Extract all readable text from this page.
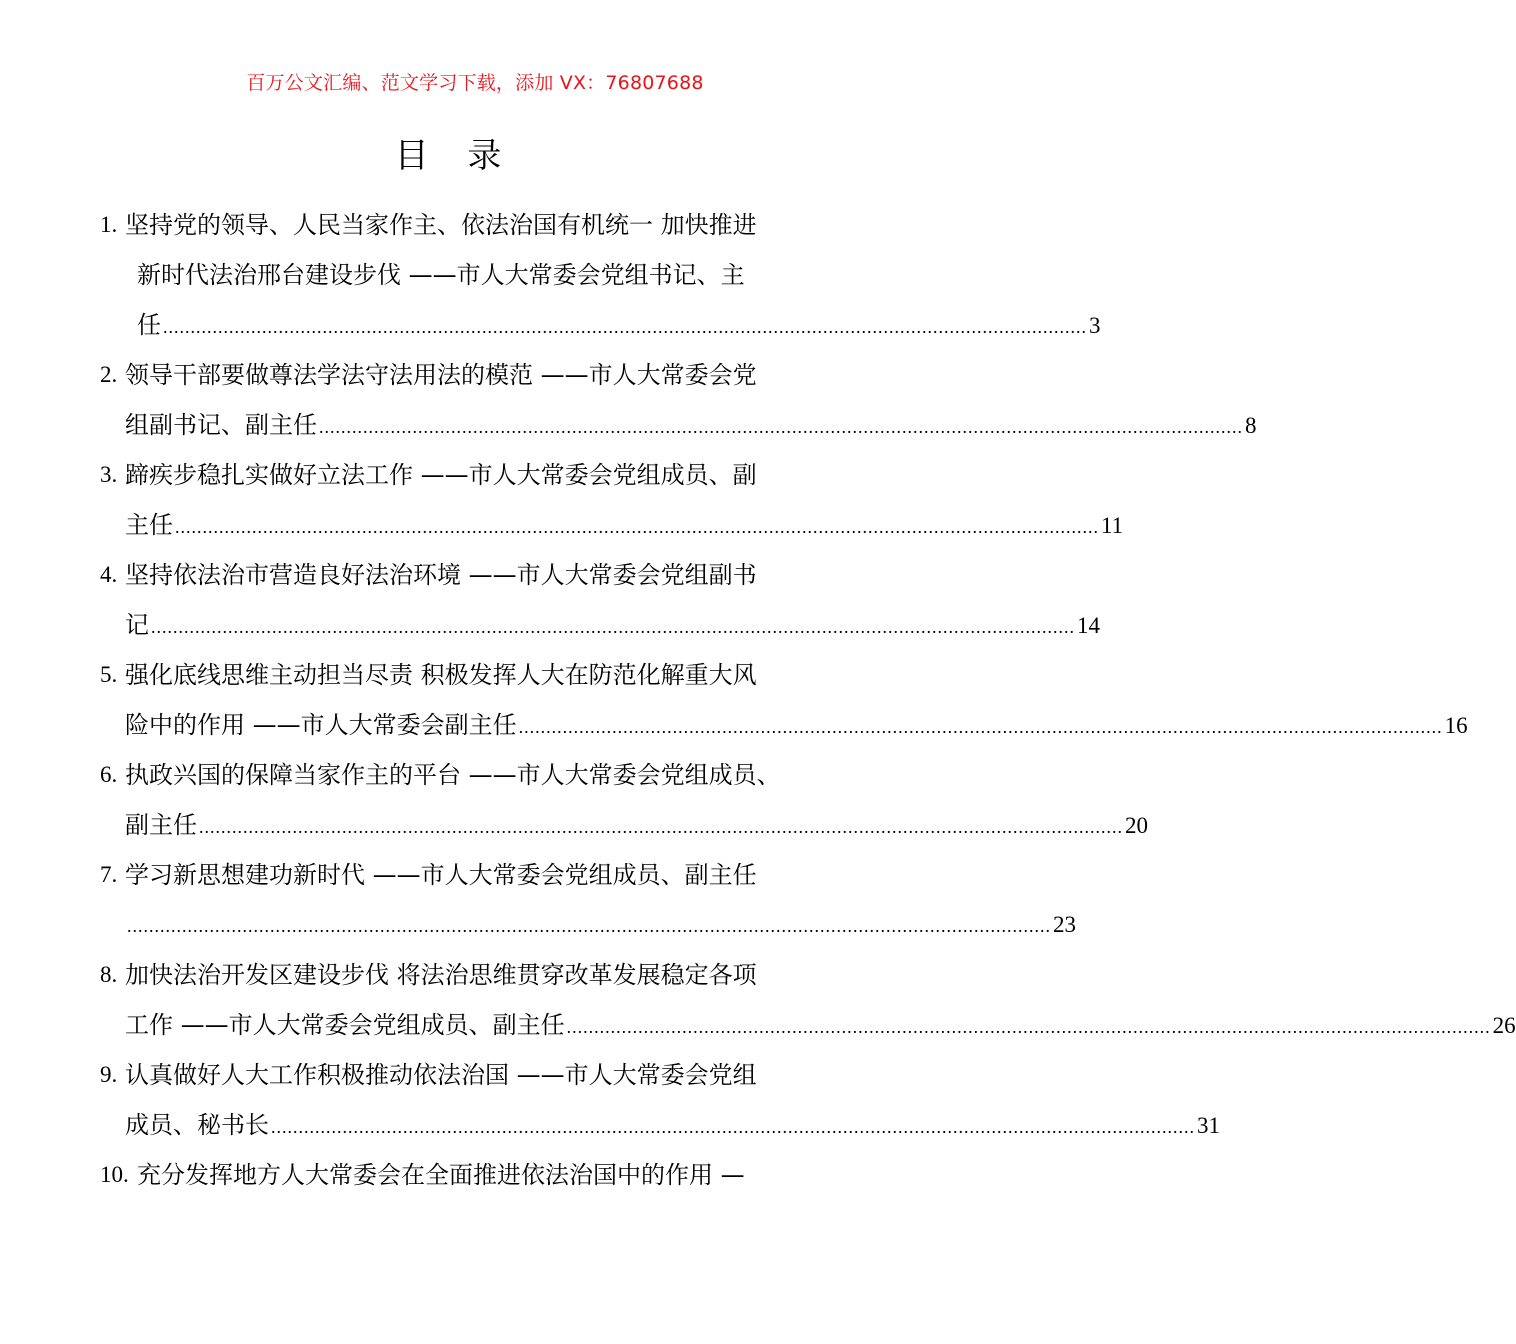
百万公文汇编、范文学习下载，添加 VX：76807688
目 录
1. 坚持党的领导、人民当家作主、依法治国有机统一 加快推进
新时代法治邢台建设步伐 ——市人大常委会党组书记、主
任 ........................................................................................................................................................................ 3
2. 领导干部要做尊法学法守法用法的模范 ——市人大常委会党
组副书记、副主任 ........................................................................................................................................................................ 8
3. 蹄疾步稳扎实做好立法工作 ——市人大常委会党组成员、副
主任 ........................................................................................................................................................................ 11
4. 坚持依法治市营造良好法治环境 ——市人大常委会党组副书
记 ........................................................................................................................................................................ 14
5. 强化底线思维主动担当尽责 积极发挥人大在防范化解重大风
险中的作用 ——市人大常委会副主任 ........................................................................................................................................................................ 16
6. 执政兴国的保障当家作主的平台 ——市人大常委会党组成员、
副主任 ........................................................................................................................................................................ 20
7. 学习新思想建功新时代 ——市人大常委会党组成员、副主任
........................................................................................................................................................................ 23
8. 加快法治开发区建设步伐 将法治思维贯穿改革发展稳定各项
工作 ——市人大常委会党组成员、副主任 ........................................................................................................................................................................ 26
9. 认真做好人大工作积极推动依法治国 ——市人大常委会党组
成员、秘书长 ........................................................................................................................................................................ 31
10. 充分发挥地方人大常委会在全面推进依法治国中的作用 —
